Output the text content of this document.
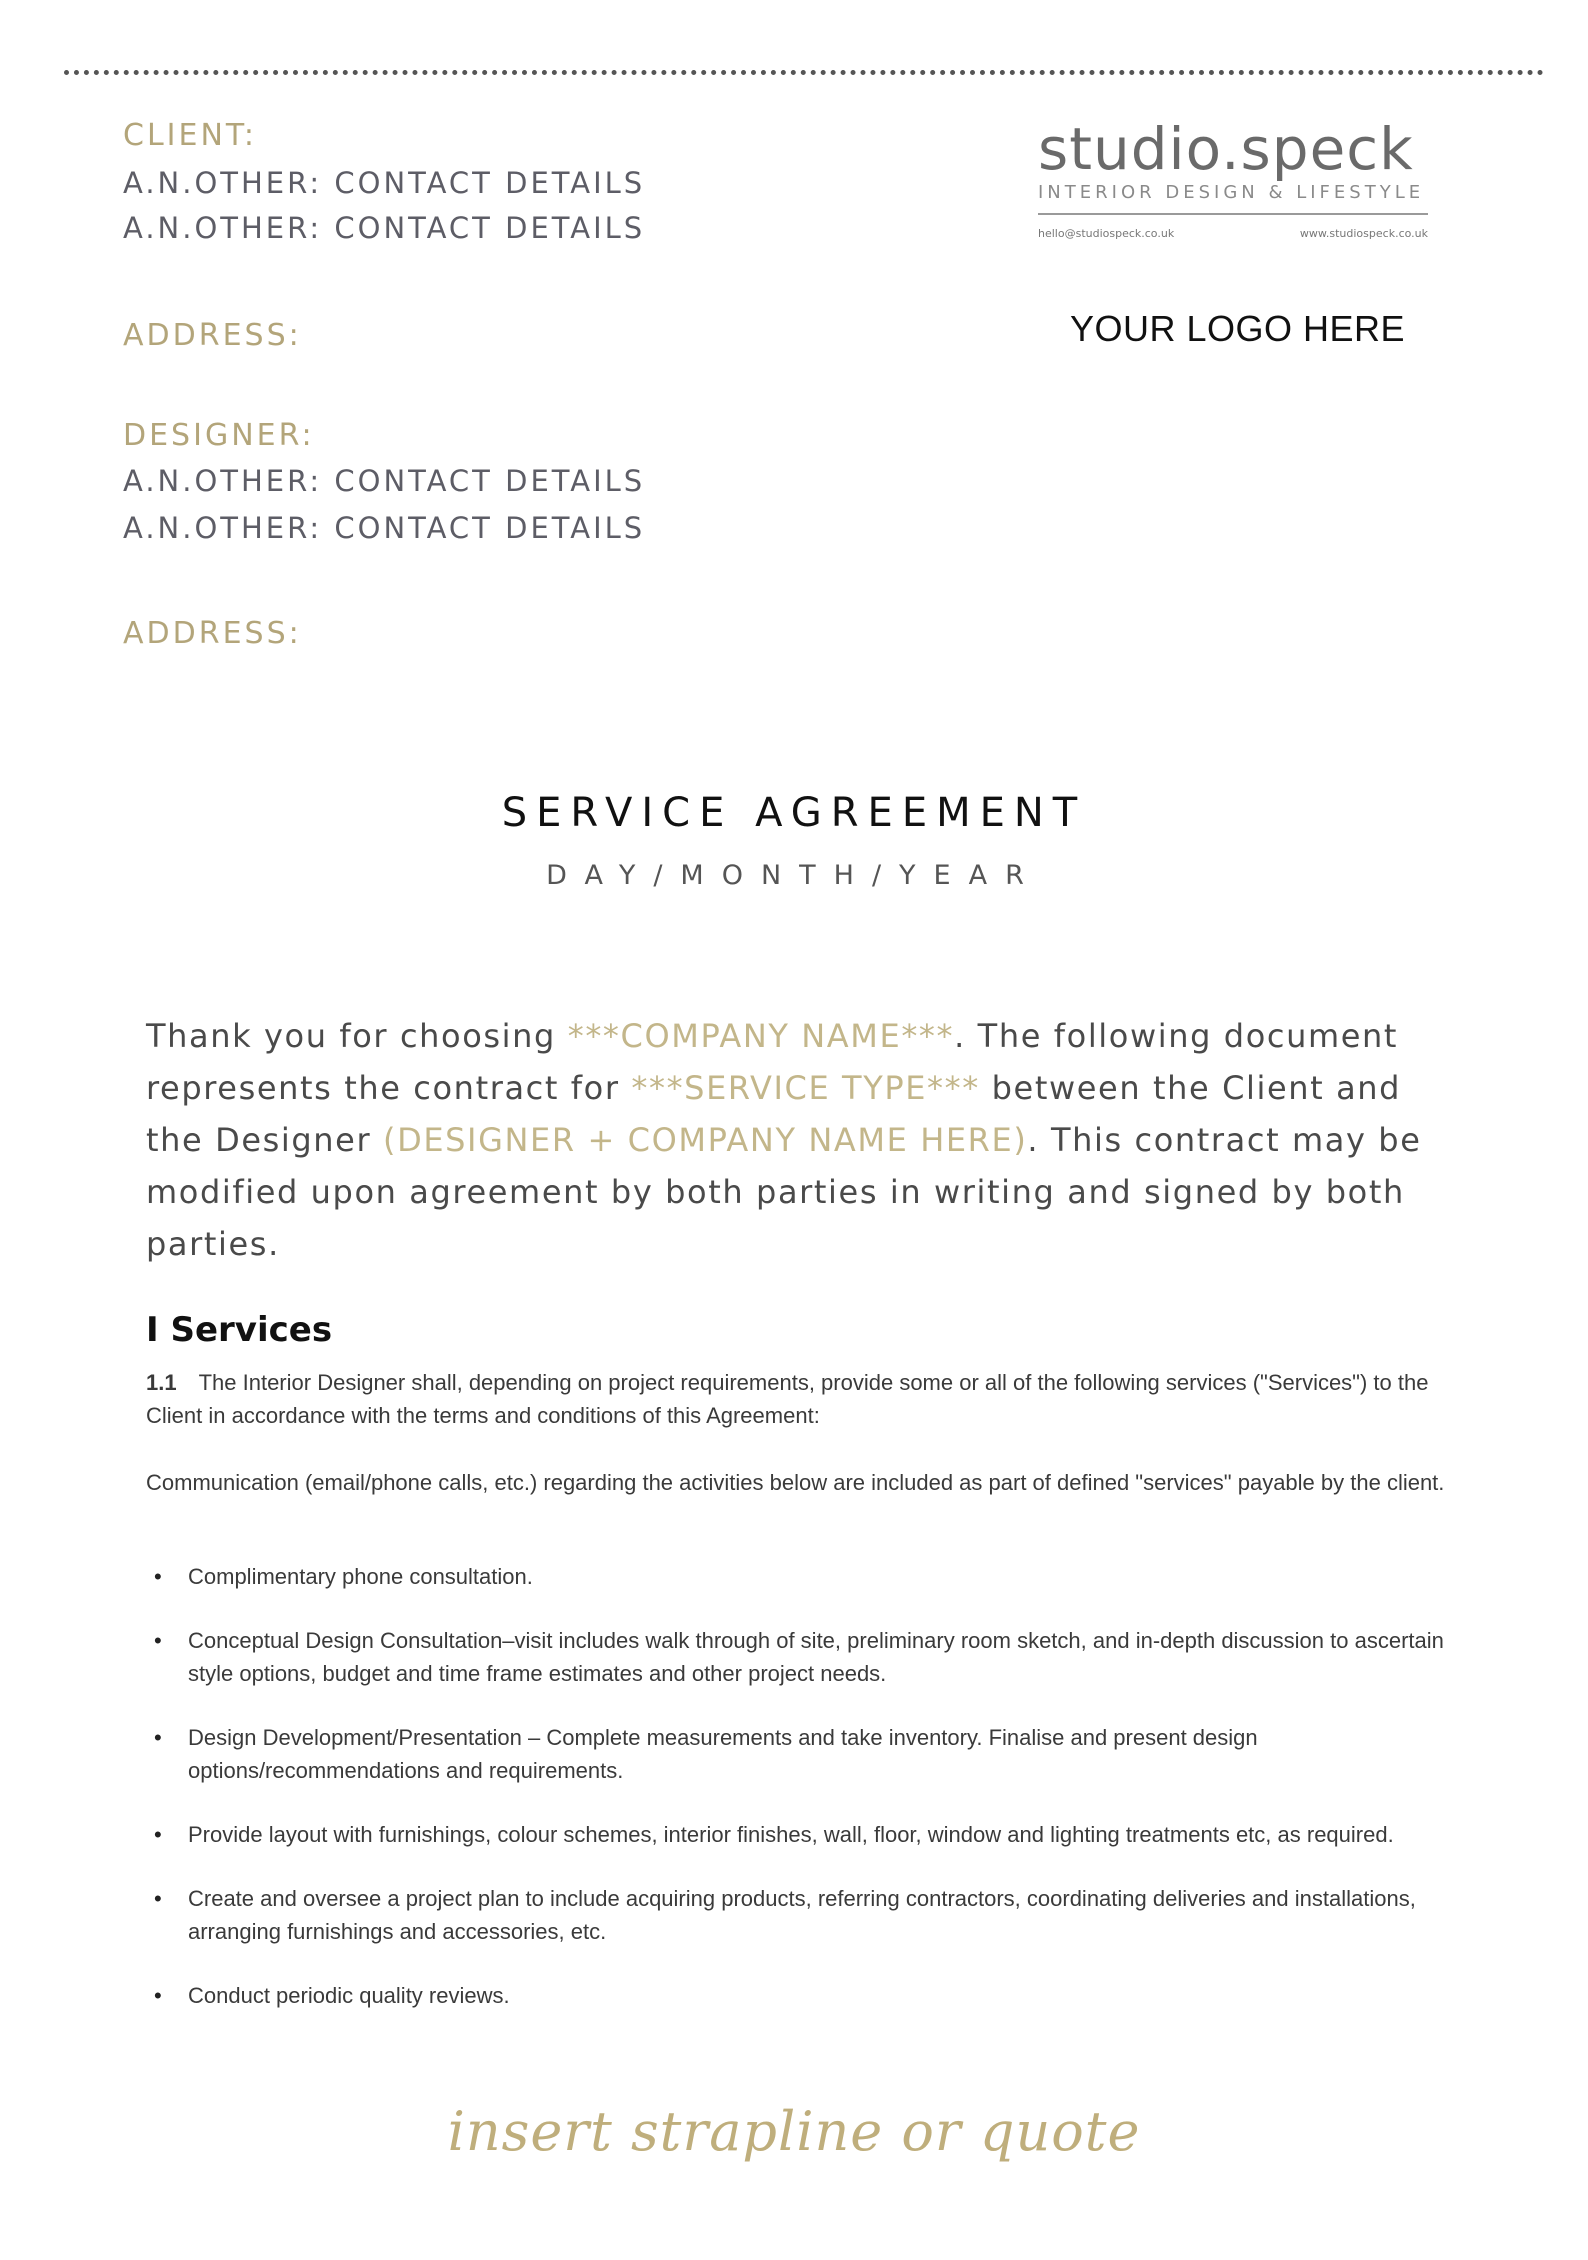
CLIENT:
A.N.OTHER: CONTACT DETAILS
A.N.OTHER: CONTACT DETAILS
ADDRESS:
DESIGNER:
A.N.OTHER: CONTACT DETAILS
A.N.OTHER: CONTACT DETAILS
ADDRESS:
studio.speck
INTERIOR DESIGN & LIFESTYLE
hello@studiospeck.co.uk	www.studiospeck.co.uk
YOUR LOGO HERE
SERVICE AGREEMENT
DAY/MONTH/YEAR

Thank you for choosing ***COMPANY NAME***. The following document represents the contract for ***SERVICE TYPE*** between the Client and the Designer (DESIGNER + COMPANY NAME HERE). This contract may be modified upon agreement by both parties in writing and signed by both parties.

I Services

1.1 The Interior Designer shall, depending on project requirements, provide some or all of the following services ("Services") to the Client in accordance with the terms and conditions of this Agreement:

Communication (email/phone calls, etc.) regarding the activities below are included as part of defined "services" payable by the client.

• Complimentary phone consultation.
• Conceptual Design Consultation–visit includes walk through of site, preliminary room sketch, and in-depth discussion to ascertain style options, budget and time frame estimates and other project needs.
• Design Development/Presentation – Complete measurements and take inventory. Finalise and present design options/recommendations and requirements.
• Provide layout with furnishings, colour schemes, interior finishes, wall, floor, window and lighting treatments etc, as required.
• Create and oversee a project plan to include acquiring products, referring contractors, coordinating deliveries and installations, arranging furnishings and accessories, etc.
• Conduct periodic quality reviews.
insert strapline or quote
